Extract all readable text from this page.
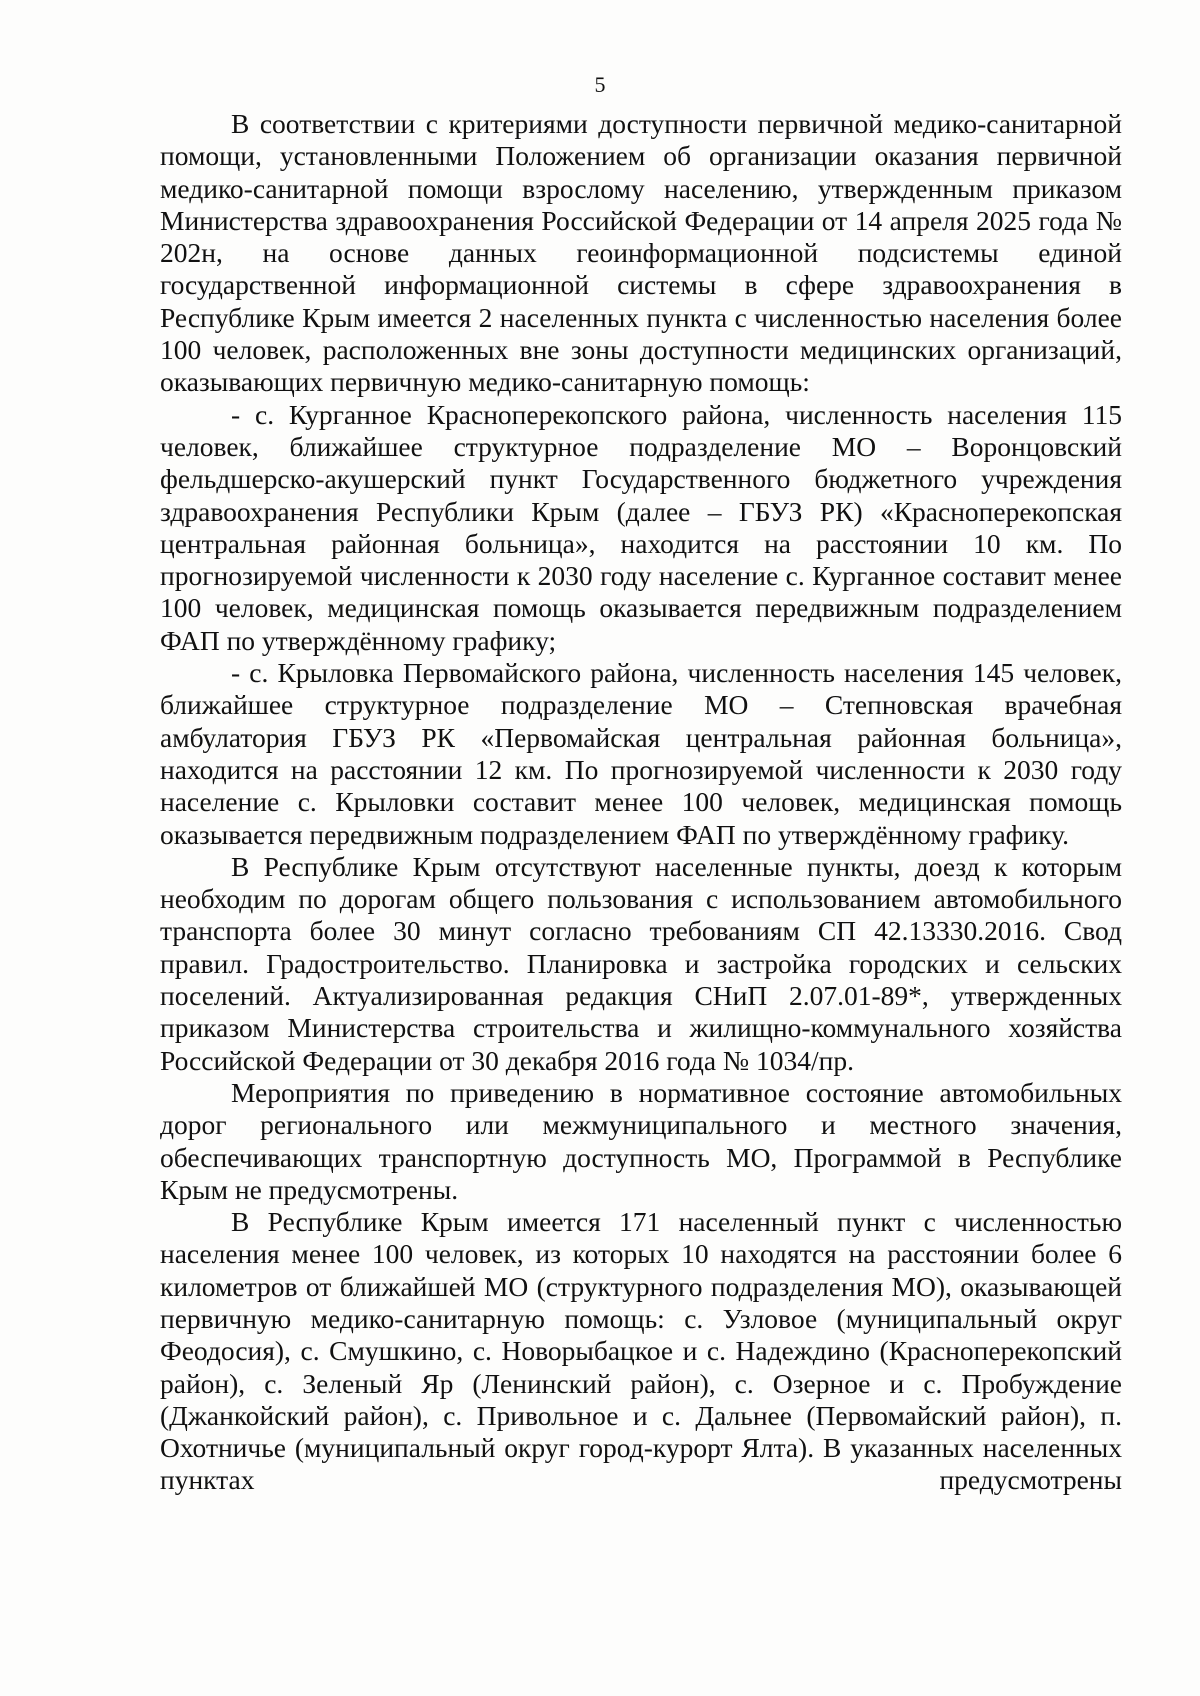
5

В соответствии с критериями доступности первичной медико-санитарной помощи, установленными Положением об организации оказания первичной медико-санитарной помощи взрослому населению, утвержденным приказом Министерства здравоохранения Российской Федерации от 14 апреля 2025 года № 202н, на основе данных геоинформационной подсистемы единой государственной информационной системы в сфере здравоохранения в Республике Крым имеется 2 населенных пункта с численностью населения более 100 человек, расположенных вне зоны доступности медицинских организаций, оказывающих первичную медико-санитарную помощь:

- с. Курганное Красноперекопского района, численность населения 115 человек, ближайшее структурное подразделение МО – Воронцовский фельдшерско-акушерский пункт Государственного бюджетного учреждения здравоохранения Республики Крым (далее – ГБУЗ РК) «Красноперекопская центральная районная больница», находится на расстоянии 10 км. По прогнозируемой численности к 2030 году население с. Курганное составит менее 100 человек, медицинская помощь оказывается передвижным подразделением ФАП по утверждённому графику;

- с. Крыловка Первомайского района, численность населения 145 человек, ближайшее структурное подразделение МО – Степновская врачебная амбулатория ГБУЗ РК «Первомайская центральная районная больница», находится на расстоянии 12 км. По прогнозируемой численности к 2030 году население с. Крыловки составит менее 100 человек, медицинская помощь оказывается передвижным подразделением ФАП по утверждённому графику.

В Республике Крым отсутствуют населенные пункты, доезд к которым необходим по дорогам общего пользования с использованием автомобильного транспорта более 30 минут согласно требованиям СП 42.13330.2016. Свод правил. Градостроительство. Планировка и застройка городских и сельских поселений. Актуализированная редакция СНиП 2.07.01-89*, утвержденных приказом Министерства строительства и жилищно-коммунального хозяйства Российской Федерации от 30 декабря 2016 года № 1034/пр.

Мероприятия по приведению в нормативное состояние автомобильных дорог регионального или межмуниципального и местного значения, обеспечивающих транспортную доступность МО, Программой в Республике Крым не предусмотрены.

В Республике Крым имеется 171 населенный пункт с численностью населения менее 100 человек, из которых 10 находятся на расстоянии более 6 километров от ближайшей МО (структурного подразделения МО), оказывающей первичную медико-санитарную помощь: с. Узловое (муниципальный округ Феодосия), с. Смушкино, с. Новорыбацкое и с. Надеждино (Красноперекопский район), с. Зеленый Яр (Ленинский район), с. Озерное и с. Пробуждение (Джанкойский район), с. Привольное и с. Дальнее (Первомайский район), п. Охотничье (муниципальный округ город-курорт Ялта). В указанных населенных пунктах предусмотрены
